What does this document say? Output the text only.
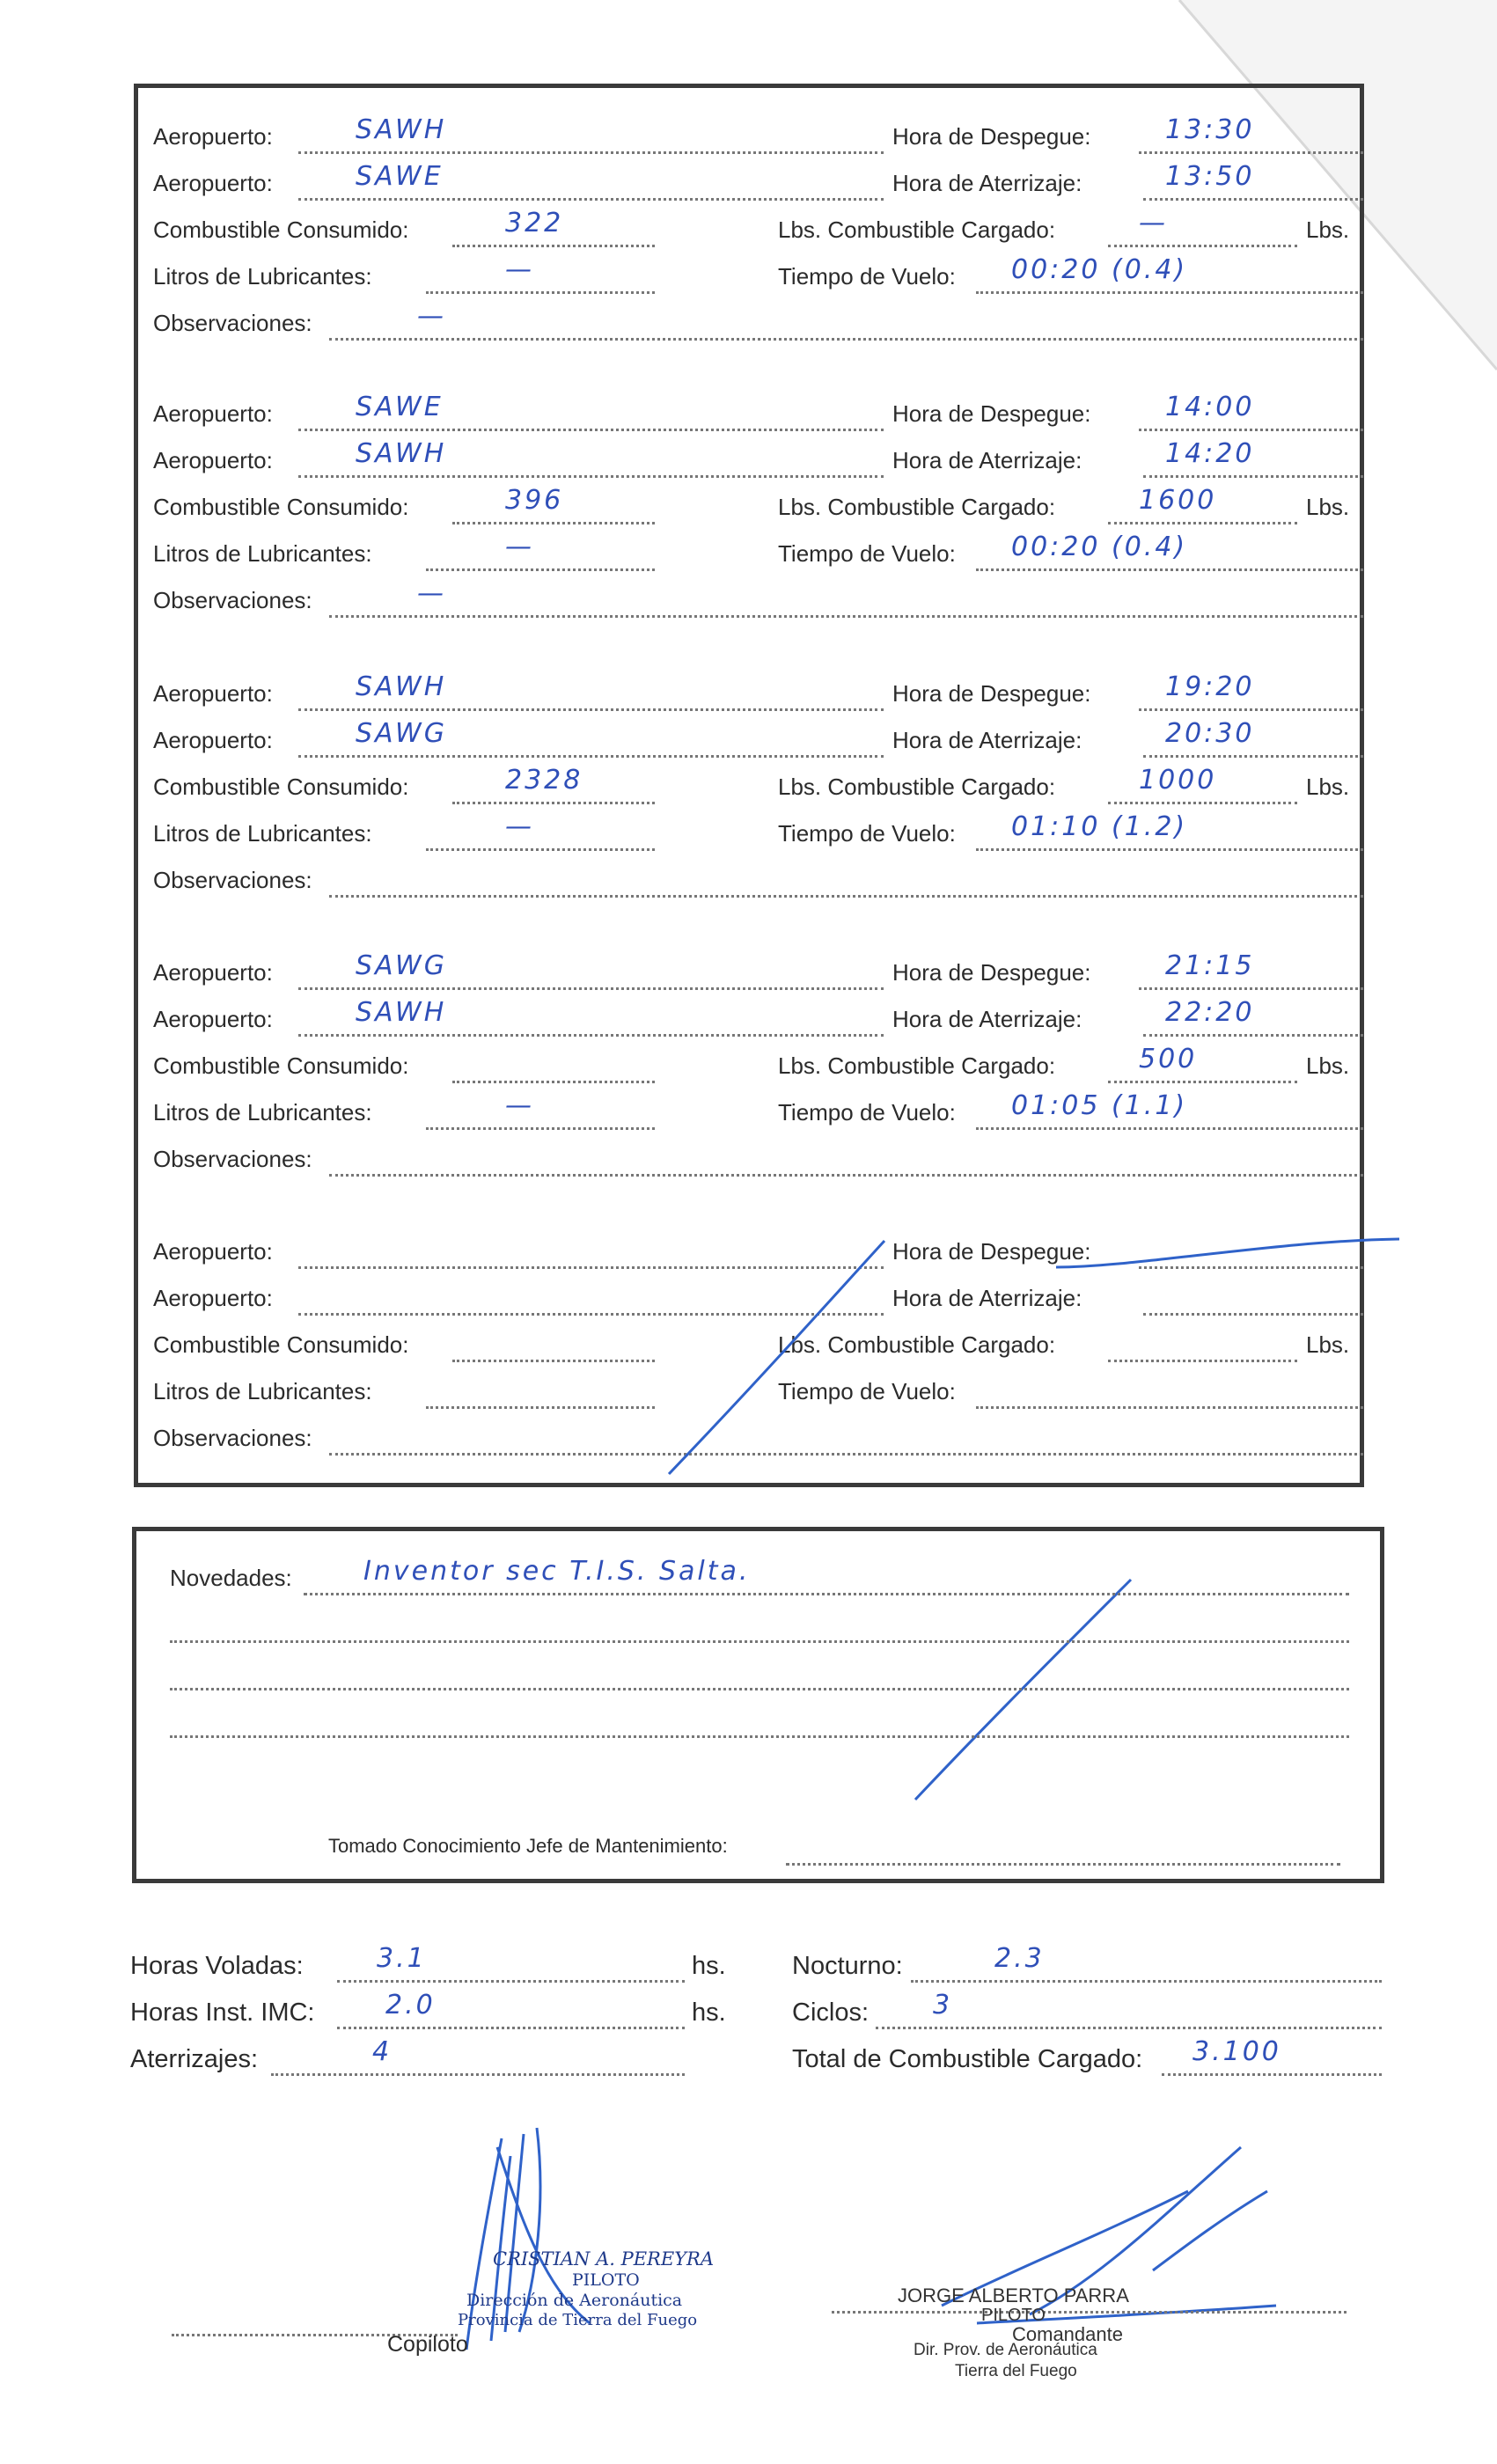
Aeropuerto:	SAWH	Hora de Despegue:	13:30
Aeropuerto:	SAWE	Hora de Aterrizaje:	13:50
Combustible Consumido:	322	Lbs. Combustible Cargado:	—	Lbs.
Litros de Lubricantes:	—	Tiempo de Vuelo: 00:20 (0.4)
Observaciones:	—
Aeropuerto:	SAWE	Hora de Despegue:	14:00
Aeropuerto:	SAWH	Hora de Aterrizaje:	14:20
Combustible Consumido:	396	Lbs. Combustible Cargado:	1600	Lbs.
Litros de Lubricantes:	—	Tiempo de Vuelo: 00:20 (0.4)
Observaciones:	—
Aeropuerto:	SAWH	Hora de Despegue:	19:20
Aeropuerto:	SAWG	Hora de Aterrizaje:	20:30
Combustible Consumido:	2328	Lbs. Combustible Cargado:	1000	Lbs.
Litros de Lubricantes:	—	Tiempo de Vuelo: 01:10 (1.2)
Observaciones:
Aeropuerto:	SAWG	Hora de Despegue:	21:15
Aeropuerto:	SAWH	Hora de Aterrizaje:	22:20
Combustible Consumido:	Lbs. Combustible Cargado:	500	Lbs.
Litros de Lubricantes:	—	Tiempo de Vuelo: 01:05 (1.1)
Observaciones:
Aeropuerto:	Hora de Despegue:
Aeropuerto:	Hora de Aterrizaje:
Combustible Consumido:	Lbs. Combustible Cargado:	Lbs.
Litros de Lubricantes:	Tiempo de Vuelo:
Observaciones:
Novedades:	Inventor sec T.I.S. Salta.
Tomado Conocimiento Jefe de Mantenimiento:
Horas Voladas:	3.1	hs.
Horas Inst. IMC:	2.0	hs.
Aterrizajes:	4
Nocturno:	2.3
Ciclos: 3
Total de Combustible Cargado: 3.100
CRISTIAN A. PEREYRA
PILOTO
Dirección de Aeronáutica
Provincia de Tierra del Fuego
Copiloto
JORGE ALBERTO PARRA
PILOTO
Comandante
Dir. Prov. de Aeronáutica
Tierra del Fuego
